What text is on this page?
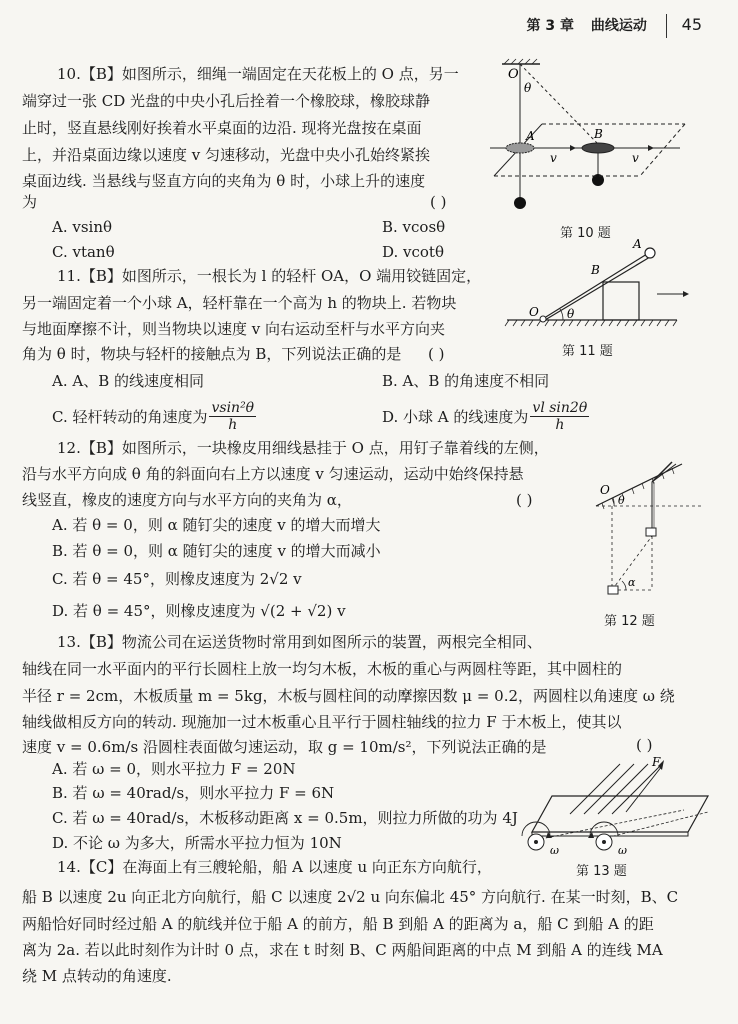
第 3 章 曲线运动 45
10.【B】如图所示，细绳一端固定在天花板上的 O 点，另一
端穿过一张 CD 光盘的中央小孔后拴着一个橡胶球，橡胶球静
止时，竖直悬线刚好挨着水平桌面的边沿. 现将光盘按在桌面
上，并沿桌面边缘以速度 v 匀速移动，光盘中央小孔始终紧挨
桌面边线. 当悬线与竖直方向的夹角为 θ 时，小球上升的速度
为	( )
A. vsinθ	B. vcosθ
C. vtanθ	D. vcotθ
O
θ
A	B
v	v
第 10 题
11.【B】如图所示，一根长为 l 的轻杆 OA，O 端用铰链固定，
另一端固定着一个小球 A，轻杆靠在一个高为 h 的物块上. 若物块
与地面摩擦不计，则当物块以速度 v 向右运动至杆与水平方向夹
角为 θ 时，物块与轻杆的接触点为 B，下列说法正确的是 ( )
A. A、B 的线速度相同	B. A、B 的角速度不相同
C. 轻杆转动的角速度为 $\frac{\text{vsin²θ}}{h}$	D. 小球 A 的线速度为 $\frac{\text{vl sin2θ}}{h}$
O θ
A
B
第 11 题
12.【B】如图所示，一块橡皮用细线悬挂于 O 点，用钉子靠着线的左侧，
沿与水平方向成 θ 角的斜面向右上方以速度 v 匀速运动，运动中始终保持悬
线竖直，橡皮的速度方向与水平方向的夹角为 α，	( )
A. 若 θ = 0，则 α 随钉尖的速度 v 的增大而增大
B. 若 θ = 0，则 α 随钉尖的速度 v 的增大而减小
C. 若 θ = 45°，则橡皮速度为 2√2 v
D. 若 θ = 45°，则橡皮速度为 √(2 + √2) v
O
θ
α
第 12 题
13.【B】物流公司在运送货物时常用到如图所示的装置，两根完全相同、
轴线在同一水平面内的平行长圆柱上放一均匀木板，木板的重心与两圆柱等距，其中圆柱的
半径 r = 2cm，木板质量 m = 5kg，木板与圆柱间的动摩擦因数 μ = 0.2，两圆柱以角速度 ω 绕
轴线做相反方向的转动. 现施加一过木板重心且平行于圆柱轴线的拉力 F 于木板上，使其以
速度 v = 0.6m/s 沿圆柱表面做匀速运动，取 g = 10m/s²，下列说法正确的是	( )
A. 若 ω = 0，则水平拉力 F = 20N
B. 若 ω = 40rad/s，则水平拉力 F = 6N
C. 若 ω = 40rad/s，木板移动距离 x = 0.5m，则拉力所做的功为 4J
D. 不论 ω 为多大，所需水平拉力恒为 10N
F
ω	ω
第 13 题
14.【C】在海面上有三艘轮船，船 A 以速度 u 向正东方向航行，
船 B 以速度 2u 向正北方向航行，船 C 以速度 2√2 u 向东偏北 45° 方向航行. 在某一时刻，B、C
两船恰好同时经过船 A 的航线并位于船 A 的前方，船 B 到船 A 的距离为 a，船 C 到船 A 的距
离为 2a. 若以此时刻作为计时 0 点，求在 t 时刻 B、C 两船间距离的中点 M 到船 A 的连线 MA
绕 M 点转动的角速度.
